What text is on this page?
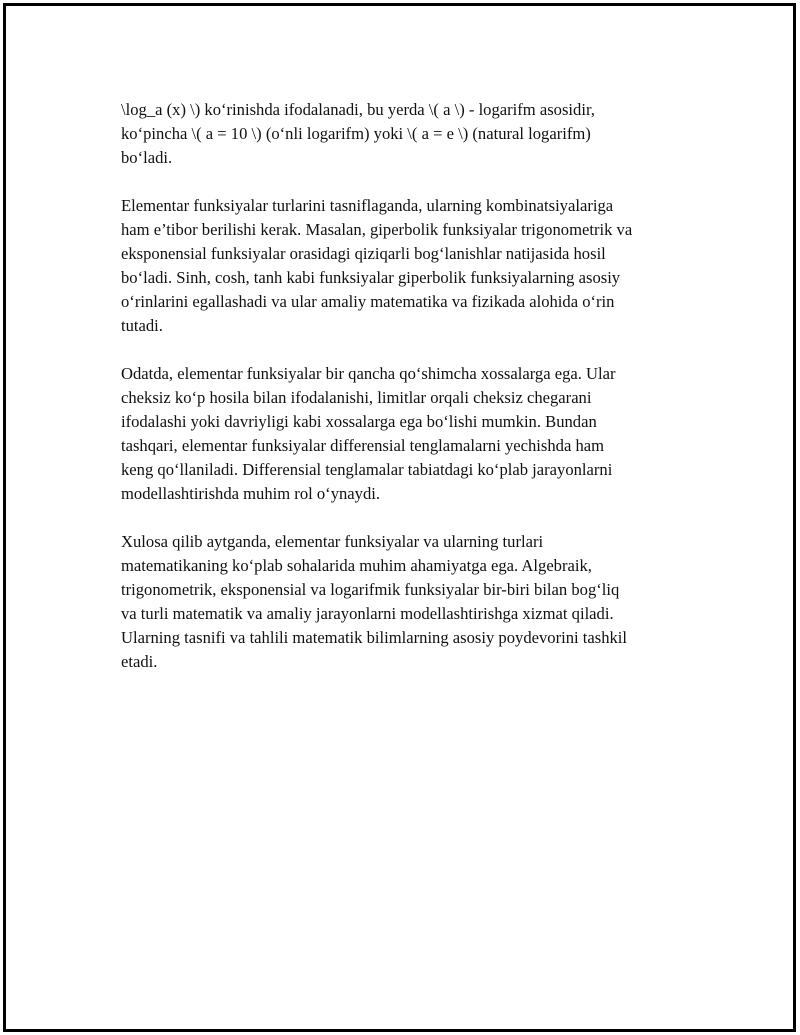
\log_a (x) \) ko‘rinishda ifodalanadi, bu yerda \( a \) - logarifm asosidir,
ko‘pincha \( a = 10 \) (o‘nli logarifm) yoki \( a = e \) (natural logarifm)
bo‘ladi.

Elementar funksiyalar turlarini tasniflaganda, ularning kombinatsiyalariga
ham e’tibor berilishi kerak. Masalan, giperbolik funksiyalar trigonometrik va
eksponensial funksiyalar orasidagi qiziqarli bog‘lanishlar natijasida hosil
bo‘ladi. Sinh, cosh, tanh kabi funksiyalar giperbolik funksiyalarning asosiy
o‘rinlarini egallashadi va ular amaliy matematika va fizikada alohida o‘rin
tutadi.

Odatda, elementar funksiyalar bir qancha qo‘shimcha xossalarga ega. Ular
cheksiz ko‘p hosila bilan ifodalanishi, limitlar orqali cheksiz chegarani
ifodalashi yoki davriyligi kabi xossalarga ega bo‘lishi mumkin. Bundan
tashqari, elementar funksiyalar differensial tenglamalarni yechishda ham
keng qo‘llaniladi. Differensial tenglamalar tabiatdagi ko‘plab jarayonlarni
modellashtirishda muhim rol o‘ynaydi.

Xulosa qilib aytganda, elementar funksiyalar va ularning turlari
matematikaning ko‘plab sohalarida muhim ahamiyatga ega. Algebraik,
trigonometrik, eksponensial va logarifmik funksiyalar bir-biri bilan bog‘liq
va turli matematik va amaliy jarayonlarni modellashtirishga xizmat qiladi.
Ularning tasnifi va tahlili matematik bilimlarning asosiy poydevorini tashkil
etadi.
